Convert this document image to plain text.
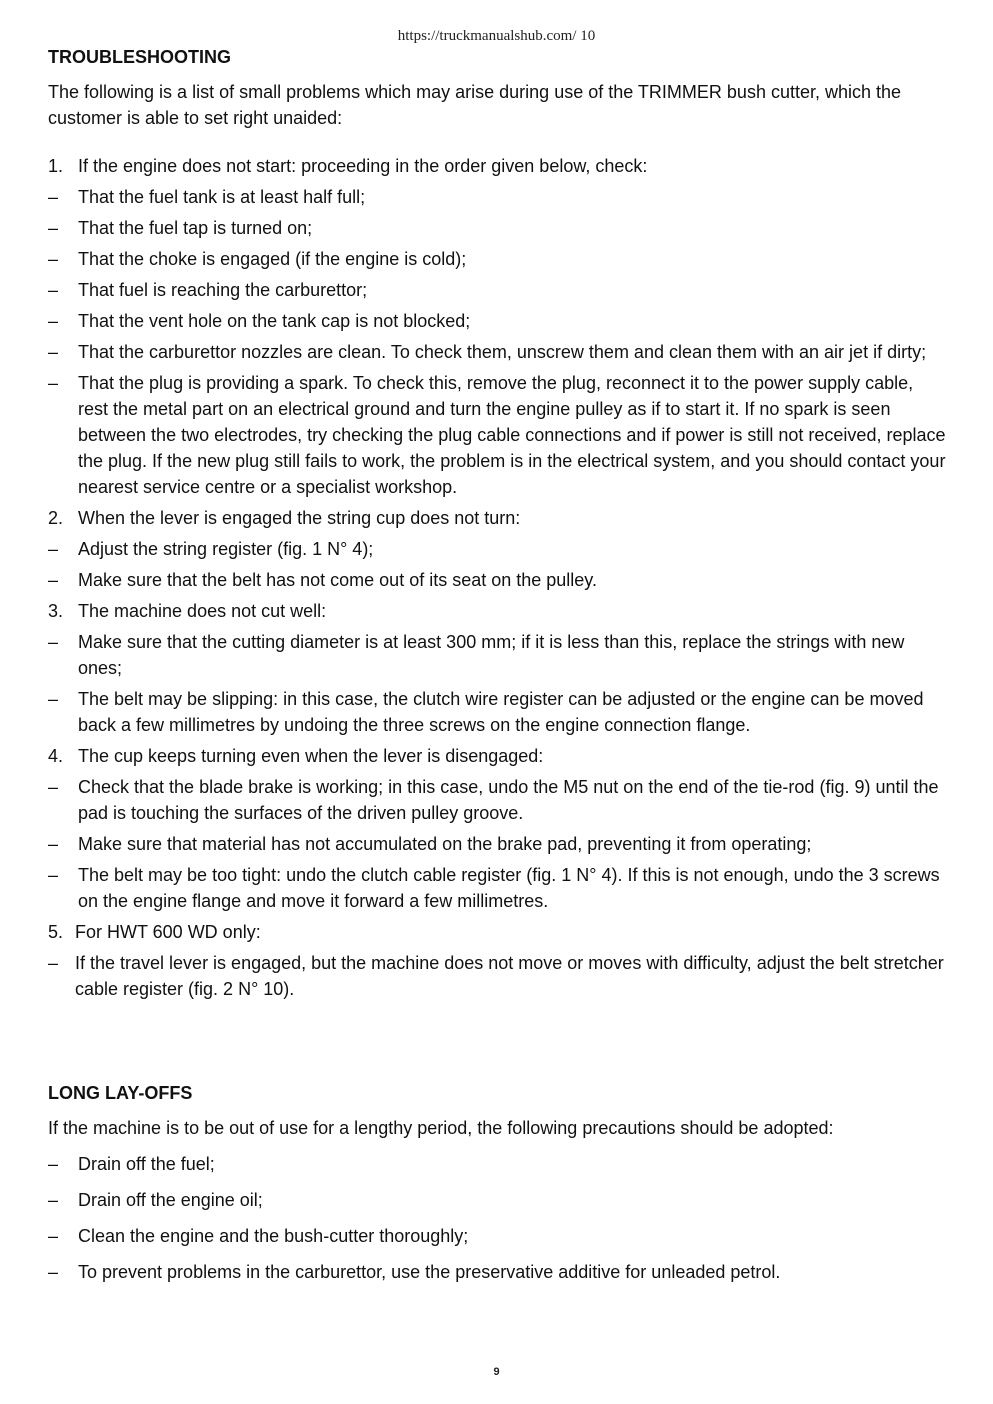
https://truckmanualshub.com/ 10
TROUBLESHOOTING

The following is a list of small problems which may arise during use of the TRIMMER bush cutter, which the customer is able to set right unaided:

1. If the engine does not start: proceeding in the order given below, check:
–	That the fuel tank is at least half full;
–	That the fuel tap is turned on;
–	That the choke is engaged (if the engine is cold);
–	That fuel is reaching the carburettor;
–	That the vent hole on the tank cap is not blocked;
–	That the carburettor nozzles are clean. To check them, unscrew them and clean them with an air jet if dirty;
–	That the plug is providing a spark. To check this, remove the plug, reconnect it to the power supply cable, rest the metal part on an electrical ground and turn the engine pulley as if to start it. If no spark is seen between the two electrodes, try checking the plug cable connections and if power is still not received, replace the plug. If the new plug still fails to work, the problem is in the electrical system, and you should contact your nearest service centre or a specialist workshop.
2. When the lever is engaged the string cup does not turn:
–	Adjust the string register (fig. 1 N° 4);
–	Make sure that the belt has not come out of its seat on the pulley.
3. The machine does not cut well:
–	Make sure that the cutting diameter is at least 300 mm; if it is less than this, replace the strings with new ones;
–	The belt may be slipping: in this case, the clutch wire register can be adjusted or the engine can be moved back a few millimetres by undoing the three screws on the engine connection flange.
4. The cup keeps turning even when the lever is disengaged:
–	Check that the blade brake is working; in this case, undo the M5 nut on the end of the tie-rod (fig. 9) until the pad is touching the surfaces of the driven pulley groove.
–	Make sure that material has not accumulated on the brake pad, preventing it from operating;
–	The belt may be too tight: undo the clutch cable register (fig. 1 N° 4). If this is not enough, undo the 3 screws on the engine flange and move it forward a few millimetres.
5. For HWT 600 WD only:
– If the travel lever is engaged, but the machine does not move or moves with difficulty, adjust the belt stretcher cable register (fig. 2 N° 10).
LONG LAY-OFFS

If the machine is to be out of use for a lengthy period, the following precautions should be adopted:

–	Drain off the fuel;
–	Drain off the engine oil;
–	Clean the engine and the bush-cutter thoroughly;
–	To prevent problems in the carburettor, use the preservative additive for unleaded petrol.
9
